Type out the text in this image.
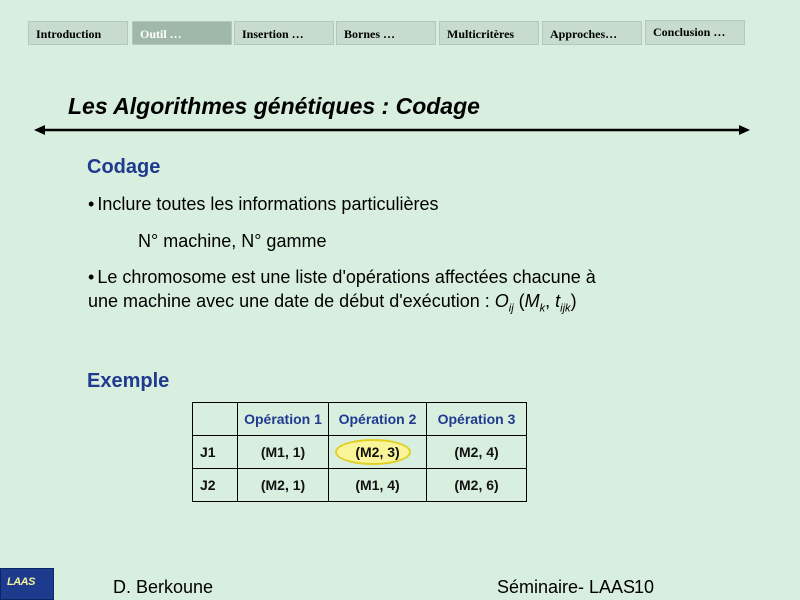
Introduction	Outil …	Insertion …	Bornes …	Multicritères	Approches…	Conclusion …
Les Algorithmes génétiques : Codage
Codage
• Inclure toutes les informations particulières
N° machine, N° gamme
• Le chromosome est une liste d'opérations affectées chacune à
une machine avec une date de début d'exécution : $O_{ij}$ ($M_k$, $t_{ijk}$)
Exemple
	Opération 1	Opération 2	Opération 3
J1	(M1, 1)	(M2, 3)	(M2, 4)
J2	(M2, 1)	(M1, 4)	(M2, 6)
LAAS	D. Berkoune	Séminaire- LAAS
10
